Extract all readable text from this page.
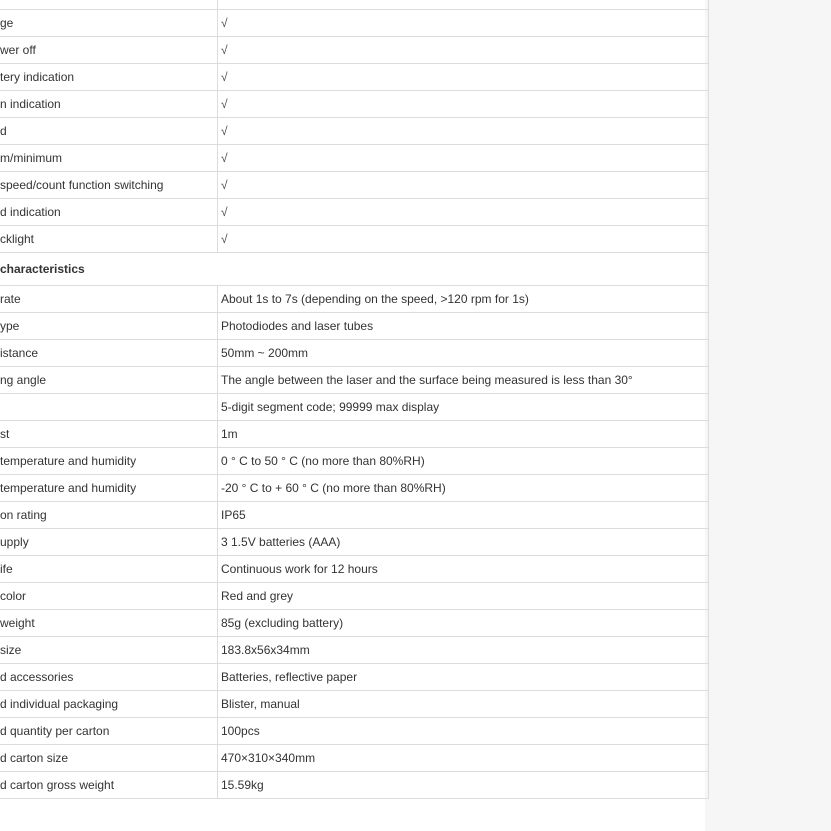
ge	√
wer off	√
tery indication	√
n indication	√
d	√
m/minimum	√
speed/count function switching	√
d indication	√
cklight	√
characteristics	
rate	About 1s to 7s (depending on the speed, >120 rpm for 1s)
ype	Photodiodes and laser tubes
istance	50mm ~ 200mm
ng angle	The angle between the laser and the surface being measured is less than 30°
	5-digit segment code; 99999 max display
st	1m
temperature and humidity	0 ° C to 50 ° C (no more than 80%RH)
temperature and humidity	-20 ° C to + 60 ° C (no more than 80%RH)
on rating	IP65
upply	3 1.5V batteries (AAA)
ife	Continuous work for 12 hours
color	Red and grey
weight	85g (excluding battery)
size	183.8x56x34mm
d accessories	Batteries, reflective paper
d individual packaging	Blister, manual
d quantity per carton	100pcs
d carton size	470×310×340mm
d carton gross weight	15.59kg
